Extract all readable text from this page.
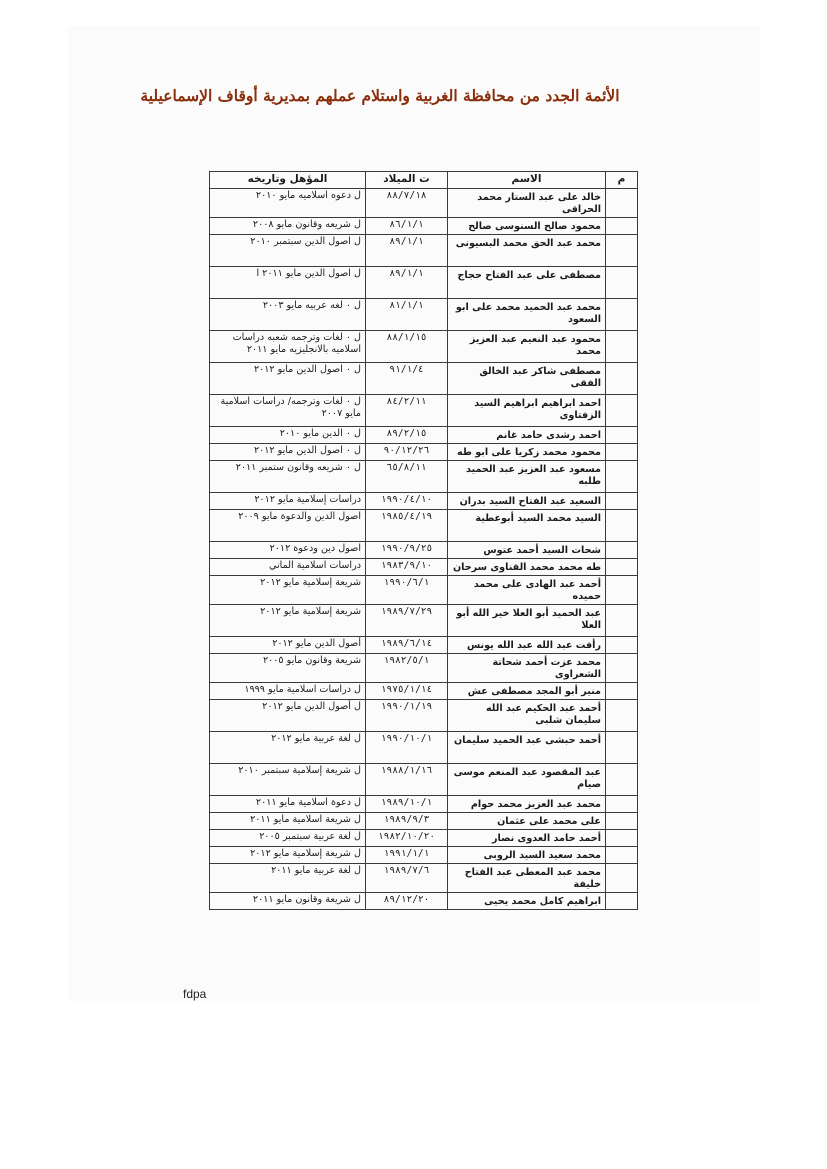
الأئمة الجدد من محافظة الغربية واستلام عملهم بمديرية أوقاف الإسماعيلية
م	الاسم	ت الميلاد	المؤهل وتاريخه
	خالد على عبد الستار محمد الحراقى	٨٨/٧/١٨	ل دعوه اسلاميه مايو ٢٠١٠
	محمود صالح السنوسى صالح	٨٦/١/١	ل شريعه وقانون مايو ٢٠٠٨
	محمد عبد الحق محمد البسيونى	٨٩/١/١	ل اصول الدين سبتمبر ٢٠١٠
	مصطفى على عبد الفتاح حجاج	٨٩/١/١	ل اصول الدين مايو ٢٠١١ ا
	محمد عبد الحميد محمد على ابو السعود	٨١/١/١	ل ٠ لغه عربيه مايو ٢٠٠٣
	محمود عبد النعيم عبد العزيز محمد	٨٨/١/١٥	ل ٠ لغات وترجمه شعبه دراسات اسلاميه بالانجليزيه مايو ٢٠١١
	مصطفى شاكر عبد الخالق الفقى	٩١/١/٤	ل ٠ اصول الدين مايو ٢٠١٢
	احمد ابراهيم ابراهيم السيد الزفتاوى	٨٤/٢/١١	ل ٠ لغات وترجمه/ دراسات اسلامية مايو ٢٠٠٧
	احمد رشدى حامد غانم	٨٩/٢/١٥	ل ٠ الدين مايو ٢٠١٠
	محمود محمد زكريا على ابو طه	٩٠/١٢/٢٦	ل ٠ اصول الدين مايو ٢٠١٢
	مسعود عبد العزيز عبد الحميد طلبه	٦٥/٨/١١	ل ٠ شريعه وقانون ستمبر ٢٠١١
	السعيد عبد الفتاح السيد بدران	١٩٩٠/٤/١٠	دراسات إسلامية مايو ٢٠١٢
	السيد محمد السيد أبوعطية	١٩٨٥/٤/١٩	اصول الدين والدعوة مايو ٢٠٠٩
	شحات السيد أحمد عتوس	١٩٩٠/٩/٢٥	اصول دين ودعوة ٢٠١٢
	طه محمد محمد القناوى سرحان	١٩٨٣/٩/١٠	دراسات اسلامية الماني
	أحمد عبد الهادى على محمد حميده	١٩٩٠/٦/١	شريعة إسلامية مايو ٢٠١٢
	عبد الحميد أبو العلا خير الله أبو العلا	١٩٨٩/٧/٢٩	شريعة إسلامية مايو ٢٠١٢
	رأفت عبد الله عبد الله يونس	١٩٨٩/٦/١٤	أصول الدين مايو ٢٠١٢
	محمد عزت أحمد شحاتة الشعراوى	١٩٨٢/٥/١	شريعة وقانون مايو ٢٠٠٥
	منير أبو المجد مصطفى عش	١٩٧٥/١/١٤	ل دراسات اسلامية مايو ١٩٩٩
	أحمد عبد الحكيم عبد الله سليمان شلبى	١٩٩٠/١/١٩	ل أصول الدين مايو ٢٠١٢
	أحمد حبشى عبد الحميد سليمان	١٩٩٠/١٠/١	ل لغة عربية مايو ٢٠١٢
	عبد المقصود عبد المنعم موسى صيام	١٩٨٨/١/١٦	ل شريعة إسلامية سبتمبر ٢٠١٠
	محمد عبد العزيز محمد حوام	١٩٨٩/١٠/١	ل دعوة اسلامية مايو ٢٠١١
	على محمد على عثمان	١٩٨٩/٩/٣	ل شريعة اسلامية مايو ٢٠١١
	أحمد حامد العدوى نصار	١٩٨٢/١٠/٢٠	ل لغة عربية سبتمبر ٢٠٠٥
	محمد سعيد السيد الروبى	١٩٩١/١/١	ل شريعة إسلامية مايو ٢٠١٢
	محمد عبد المعطى عبد الفتاح خليفة	١٩٨٩/٧/٦	ل لغة عربية مايو ٢٠١١
	ابراهيم كامل محمد يحيى	٨٩/١٢/٢٠	ل شريعة وقانون مايو ٢٠١١
fdpa
